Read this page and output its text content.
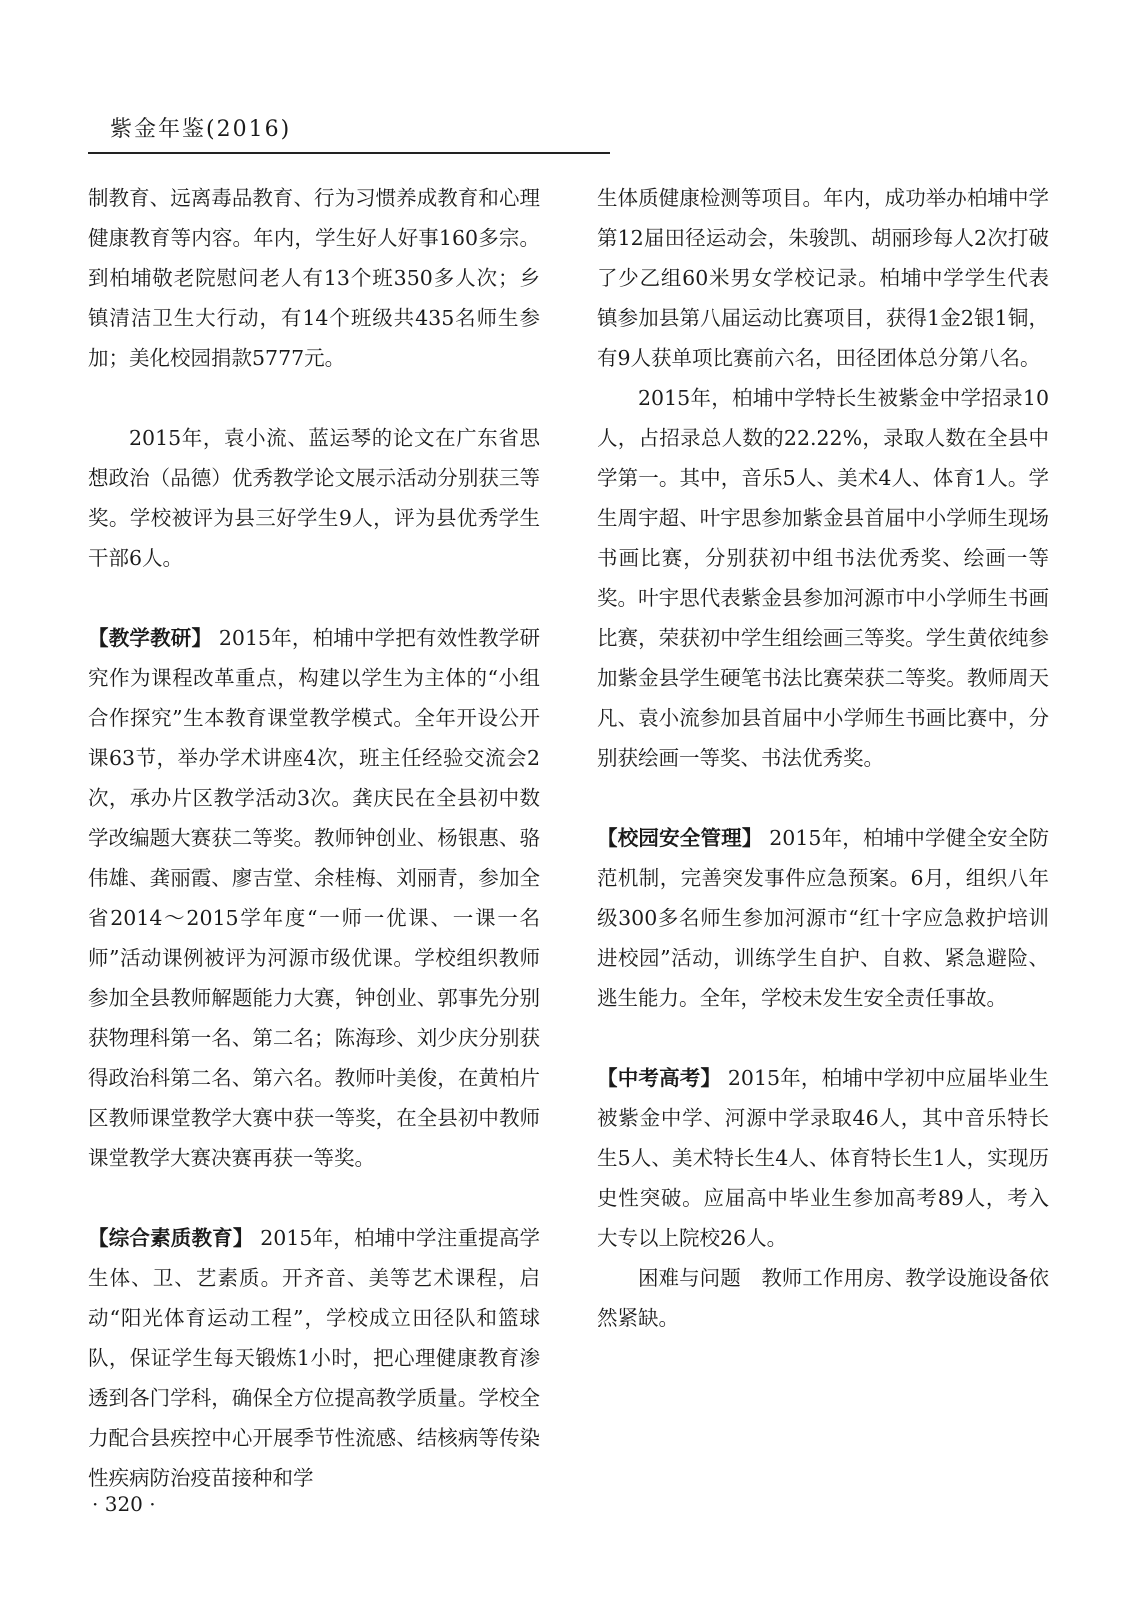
紫金年鉴(2016)

制教育、远离毒品教育、行为习惯养成教育和心理健康教育等内容。年内，学生好人好事160多宗。到柏埔敬老院慰问老人有13个班350多人次；乡镇清洁卫生大行动，有14个班级共435名师生参加；美化校园捐款5777元。

2015年，袁小流、蓝运琴的论文在广东省思想政治（品德）优秀教学论文展示活动分别获三等奖。学校被评为县三好学生9人，评为县优秀学生干部6人。

【教学教研】 2015年，柏埔中学把有效性教学研究作为课程改革重点，构建以学生为主体的“小组合作探究”生本教育课堂教学模式。全年开设公开课63节，举办学术讲座4次，班主任经验交流会2次，承办片区教学活动3次。龚庆民在全县初中数学改编题大赛获二等奖。教师钟创业、杨银惠、骆伟雄、龚丽霞、廖吉堂、余桂梅、刘丽青，参加全省2014～2015学年度“一师一优课、一课一名师”活动课例被评为河源市级优课。学校组织教师参加全县教师解题能力大赛，钟创业、郭事先分别获物理科第一名、第二名；陈海珍、刘少庆分别获得政治科第二名、第六名。教师叶美俊，在黄柏片区教师课堂教学大赛中获一等奖，在全县初中教师课堂教学大赛决赛再获一等奖。

【综合素质教育】 2015年，柏埔中学注重提高学生体、卫、艺素质。开齐音、美等艺术课程，启动“阳光体育运动工程”，学校成立田径队和篮球队，保证学生每天锻炼1小时，把心理健康教育渗透到各门学科，确保全方位提高教学质量。学校全力配合县疾控中心开展季节性流感、结核病等传染性疾病防治疫苗接种和学

生体质健康检测等项目。年内，成功举办柏埔中学第12届田径运动会，朱骏凯、胡丽珍每人2次打破了少乙组60米男女学校记录。柏埔中学学生代表镇参加县第八届运动比赛项目，获得1金2银1铜，有9人获单项比赛前六名，田径团体总分第八名。

2015年，柏埔中学特长生被紫金中学招录10人，占招录总人数的22.22%，录取人数在全县中学第一。其中，音乐5人、美术4人、体育1人。学生周宇超、叶宇思参加紫金县首届中小学师生现场书画比赛，分别获初中组书法优秀奖、绘画一等奖。叶宇思代表紫金县参加河源市中小学师生书画比赛，荣获初中学生组绘画三等奖。学生黄依纯参加紫金县学生硬笔书法比赛荣获二等奖。教师周天凡、袁小流参加县首届中小学师生书画比赛中，分别获绘画一等奖、书法优秀奖。

【校园安全管理】 2015年，柏埔中学健全安全防范机制，完善突发事件应急预案。6月，组织八年级300多名师生参加河源市“红十字应急救护培训进校园”活动，训练学生自护、自救、紧急避险、逃生能力。全年，学校未发生安全责任事故。

【中考高考】 2015年，柏埔中学初中应届毕业生被紫金中学、河源中学录取46人，其中音乐特长生5人、美术特长生4人、体育特长生1人，实现历史性突破。应届高中毕业生参加高考89人，考入大专以上院校26人。

困难与问题  教师工作用房、教学设施设备依然紧缺。

· 320 ·
